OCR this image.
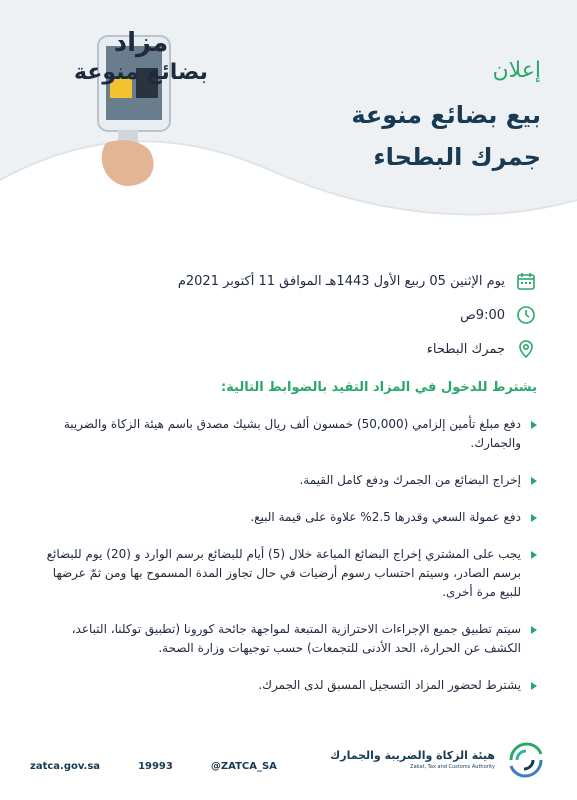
مزاد
بضائع منوعة	إعلان
بيع بضائع منوعة
جمرك البطحاء
يوم الإثنين 05 ربيع الأول 1443هـ الموافق 11 أكتوبر 2021م
9:00ص
جمرك البطحاء
يشترط للدخول في المزاد التقيد بالضوابط التالية:
دفع مبلغ تأمين إلزامي (50,000) خمسون ألف ريال بشيك مصدق باسم هيئة الزكاة والضريبة والجمارك.
إخراج البضائع من الجمرك ودفع كامل القيمة.
دفع عمولة السعي وقدرها 2.5% علاوة على قيمة البيع.
يجب على المشتري إخراج البضائع المباعة خلال (5) أيام للبضائع برسم الوارد و (20) يوم للبضائع برسم الصادر، وسيتم احتساب رسوم أرضيات في حال تجاوز المدة المسموح بها ومن ثمّ عرضها للبيع مرة أخرى.
سيتم تطبيق جميع الإجراءات الاحترازية المتبعة لمواجهة جائحة كورونا (تطبيق توكلنا، التباعد، الكشف عن الحرارة، الحد الأدنى للتجمعات) حسب توجيهات وزارة الصحة.
يشترط لحضور المزاد التسجيل المسبق لدى الجمرك.
zatca.gov.sa	19993	@ZATCA_SA
هيئة الزكاة والضريبة والجمارك
Zakat, Tax and Customs Authority
